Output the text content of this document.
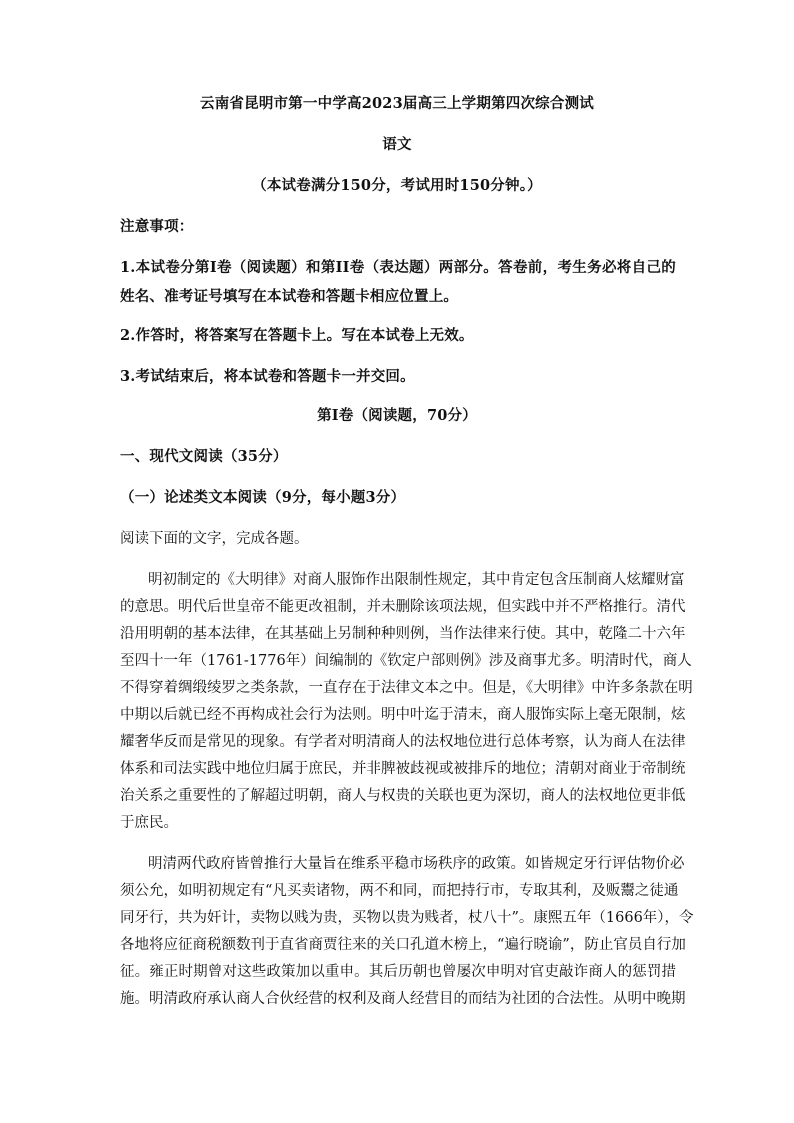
云南省昆明市第一中学高2023届高三上学期第四次综合测试
语文
（本试卷满分150分，考试用时150分钟。）
注意事项：
1.本试卷分第I卷（阅读题）和第II卷（表达题）两部分。答卷前，考生务必将自己的
姓名、准考证号填写在本试卷和答题卡相应位置上。
2.作答时，将答案写在答题卡上。写在本试卷上无效。
3.考试结束后，将本试卷和答题卡一并交回。
第I卷（阅读题，70分）
一、现代文阅读（35分）
（一）论述类文本阅读（9分，每小题3分）
阅读下面的文字，完成各题。
明初制定的《大明律》对商人服饰作出限制性规定，其中肯定包含压制商人炫耀财富
的意思。明代后世皇帝不能更改祖制，并未删除该项法规，但实践中并不严格推行。清代
沿用明朝的基本法律，在其基础上另制种种则例，当作法律来行使。其中，乾隆二十六年
至四十一年（1761-1776年）间编制的《钦定户部则例》涉及商事尤多。明清时代，商人
不得穿着绸缎绫罗之类条款，一直存在于法律文本之中。但是，《大明律》中许多条款在明
中期以后就已经不再构成社会行为法则。明中叶迄于清末，商人服饰实际上毫无限制，炫
耀奢华反而是常见的现象。有学者对明清商人的法权地位进行总体考察，认为商人在法律
体系和司法实践中地位归属于庶民，并非脾被歧视或被排斥的地位；清朝对商业于帝制统
治关系之重要性的了解超过明朝，商人与权贵的关联也更为深切，商人的法权地位更非低
于庶民。
明清两代政府皆曾推行大量旨在维系平稳市场秩序的政策。如皆规定牙行评估物价必
须公允，如明初规定有“凡买卖诸物，两不和同，而把持行市，专取其利，及贩鬻之徒通
同牙行，共为奸计，卖物以贱为贵，买物以贵为贱者，杖八十”。康熙五年（1666年），令
各地将应征商税额数刊于直省商贾往来的关口孔道木榜上，“遍行晓谕”，防止官员自行加
征。雍正时期曾对这些政策加以重申。其后历朝也曾屡次申明对官吏敲诈商人的惩罚措
施。明清政府承认商人合伙经营的权利及商人经营目的而结为社团的合法性。从明中晚期
